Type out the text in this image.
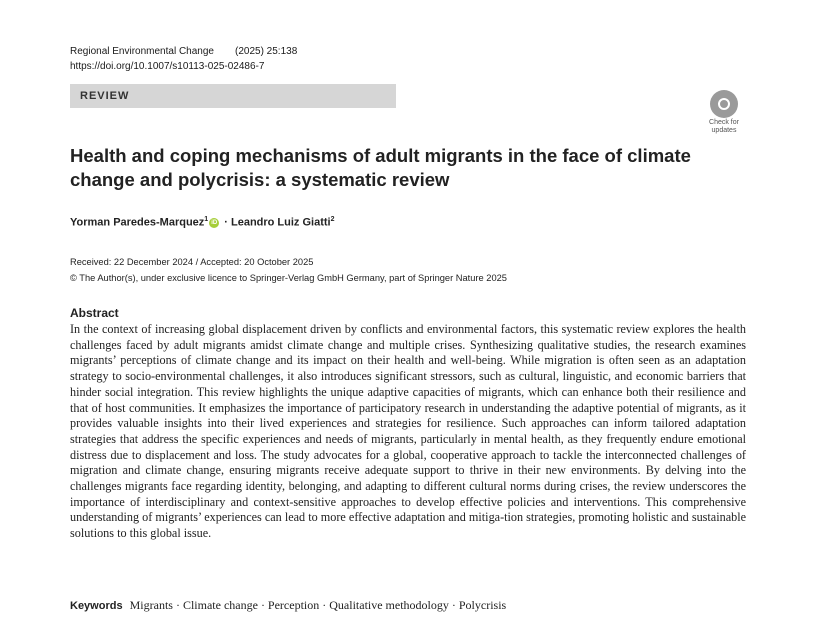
Regional Environmental Change (2025) 25:138
https://doi.org/10.1007/s10113-025-02486-7
REVIEW
Check for
updates
Health and coping mechanisms of adult migrants in the face of climate change and polycrisis: a systematic review
Yorman Paredes-Marquez$^1$ iD · Leandro Luiz Giatti$^2$
Received: 22 December 2024 / Accepted: 20 October 2025
© The Author(s), under exclusive licence to Springer-Verlag GmbH Germany, part of Springer Nature 2025
Abstract

In the context of increasing global displacement driven by conflicts and environmental factors, this systematic review explores the health challenges faced by adult migrants amidst climate change and multiple crises. Synthesizing qualitative studies, the research examines migrants’ perceptions of climate change and its impact on their health and well-being. While migration is often seen as an adaptation strategy to socio-environmental challenges, it also introduces significant stressors, such as cultural, linguistic, and economic barriers that hinder social integration. This review highlights the unique adaptive capacities of migrants, which can enhance both their resilience and that of host communities. It emphasizes the importance of participatory research in understanding the adaptive potential of migrants, as it provides valuable insights into their lived experiences and strategies for resilience. Such approaches can inform tailored adaptation strategies that address the specific experiences and needs of migrants, particularly in mental health, as they frequently endure emotional distress due to displacement and loss. The study advocates for a global, cooperative approach to tackle the interconnected challenges of migration and climate change, ensuring migrants receive adequate support to thrive in their new environments. By delving into the challenges migrants face regarding identity, belonging, and adapting to different cultural norms during crises, the review underscores the importance of interdisciplinary and context-sensitive approaches to develop effective policies and interventions. This comprehensive understanding of migrants’ experiences can lead to more effective adaptation and mitiga-tion strategies, promoting holistic and sustainable solutions to this global issue.

Keywords Migrants · Climate change · Perception · Qualitative methodology · Polycrisis
